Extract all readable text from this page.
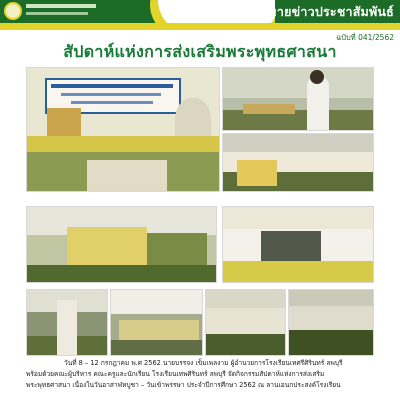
จดหมายข่าวประชาสัมพันธ์
ฉบับที่ 041/2562
สัปดาห์แห่งการส่งเสริมพระพุทธศาสนา
วันที่ 8 – 12 กรกฎาคม พ.ศ 2562 นายบรรจง เข็มเพลงาม ผู้อำนวยการโรงเรียนเทศรีศิรินทร์ ลพบุรี
พร้อมด้วยคณะผู้บริหาร คณะครูและนักเรียน โรงเรียนเทพศิรินทร์ ลพบุรี จัดกิจกรรมสัปดาห์แห่งการส่งเสริม
พระพุทธศาสนา เนื่องในวันอาสาฬหบูชา – วันเข้าพรรษา ประจำปีการศึกษา 2562 ณ ลานเอนกประสงค์โรงเรียน
